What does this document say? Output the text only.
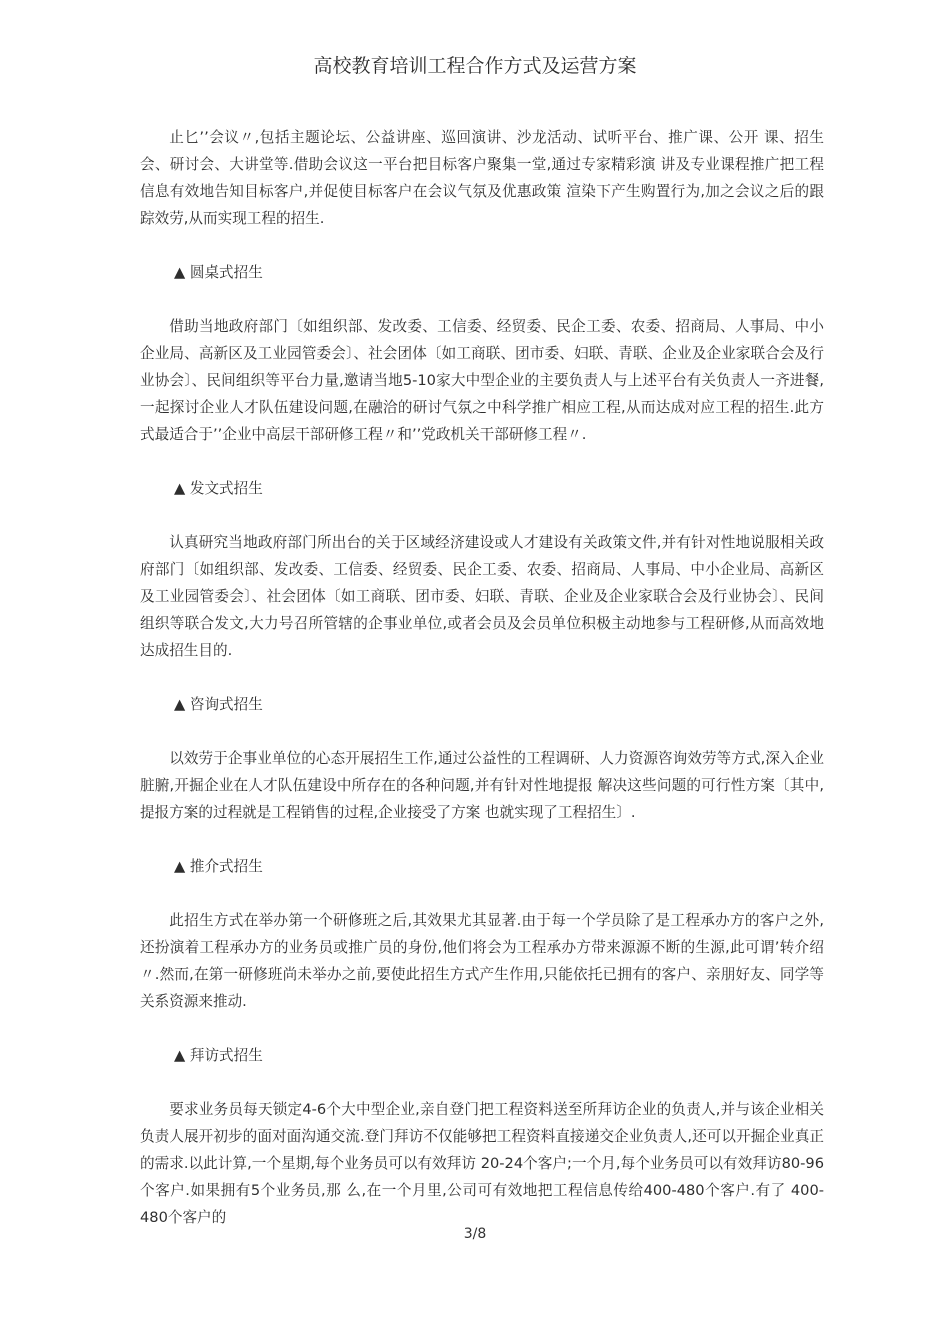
高校教育培训工程合作方式及运营方案

止匕’’会议〃,包括主题论坛、公益讲座、巡回演讲、沙龙活动、试听平台、推广课、公开 课、招生会、研讨会、大讲堂等.借助会议这一平台把目标客户聚集一堂,通过专家精彩演 讲及专业课程推广把工程信息有效地告知目标客户,并促使目标客户在会议气氛及优惠政策 渲染下产生购置行为,加之会议之后的跟踪效劳,从而实现工程的招生.

▲ 圆桌式招生

借助当地政府部门〔如组织部、发改委、工信委、经贸委、民企工委、农委、招商局、人事局、中小企业局、高新区及工业园管委会〕、社会团体〔如工商联、团市委、妇联、青联、企业及企业家联合会及行业协会〕、民间组织等平台力量,邀请当地5-10家大中型企业的主要负责人与上述平台有关负责人一齐进餐,一起探讨企业人才队伍建设问题,在融洽的研讨气氛之中科学推广相应工程,从而达成对应工程的招生.此方式最适合于’’企业中高层干部研修工程〃和’’党政机关干部研修工程〃.

▲ 发文式招生

认真研究当地政府部门所出台的关于区域经济建设或人才建设有关政策文件,并有针对性地说服相关政府部门〔如组织部、发改委、工信委、经贸委、民企工委、农委、招商局、人事局、中小企业局、高新区及工业园管委会〕、社会团体〔如工商联、团市委、妇联、青联、企业及企业家联合会及行业协会〕、民间组织等联合发文,大力号召所管辖的企事业单位,或者会员及会员单位积极主动地参与工程研修,从而高效地达成招生目的.

▲ 咨询式招生

以效劳于企事业单位的心态开展招生工作,通过公益性的工程调研、人力资源咨询效劳等方式,深入企业脏腑,开掘企业在人才队伍建设中所存在的各种问题,并有针对性地提报 解决这些问题的可行性方案〔其中,提报方案的过程就是工程销售的过程,企业接受了方案 也就实现了工程招生〕.

▲ 推介式招生

此招生方式在举办第一个研修班之后,其效果尤其显著.由于每一个学员除了是工程承办方的客户之外,还扮演着工程承办方的业务员或推广员的身份,他们将会为工程承办方带来源源不断的生源,此可谓’转介绍〃.然而,在第一研修班尚未举办之前,要使此招生方式产生作用,只能依托已拥有的客户、亲朋好友、同学等关系资源来推动.

▲ 拜访式招生

要求业务员每天锁定4-6个大中型企业,亲自登门把工程资料送至所拜访企业的负责人,并与该企业相关负责人展开初步的面对面沟通交流.登门拜访不仅能够把工程资料直接递交企业负责人,还可以开掘企业真正的需求.以此计算,一个星期,每个业务员可以有效拜访 20-24个客户;一个月,每个业务员可以有效拜访80-96个客户.如果拥有5个业务员,那 么,在一个月里,公司可有效地把工程信息传给400-480个客户.有了 400-480个客户的

3/8
